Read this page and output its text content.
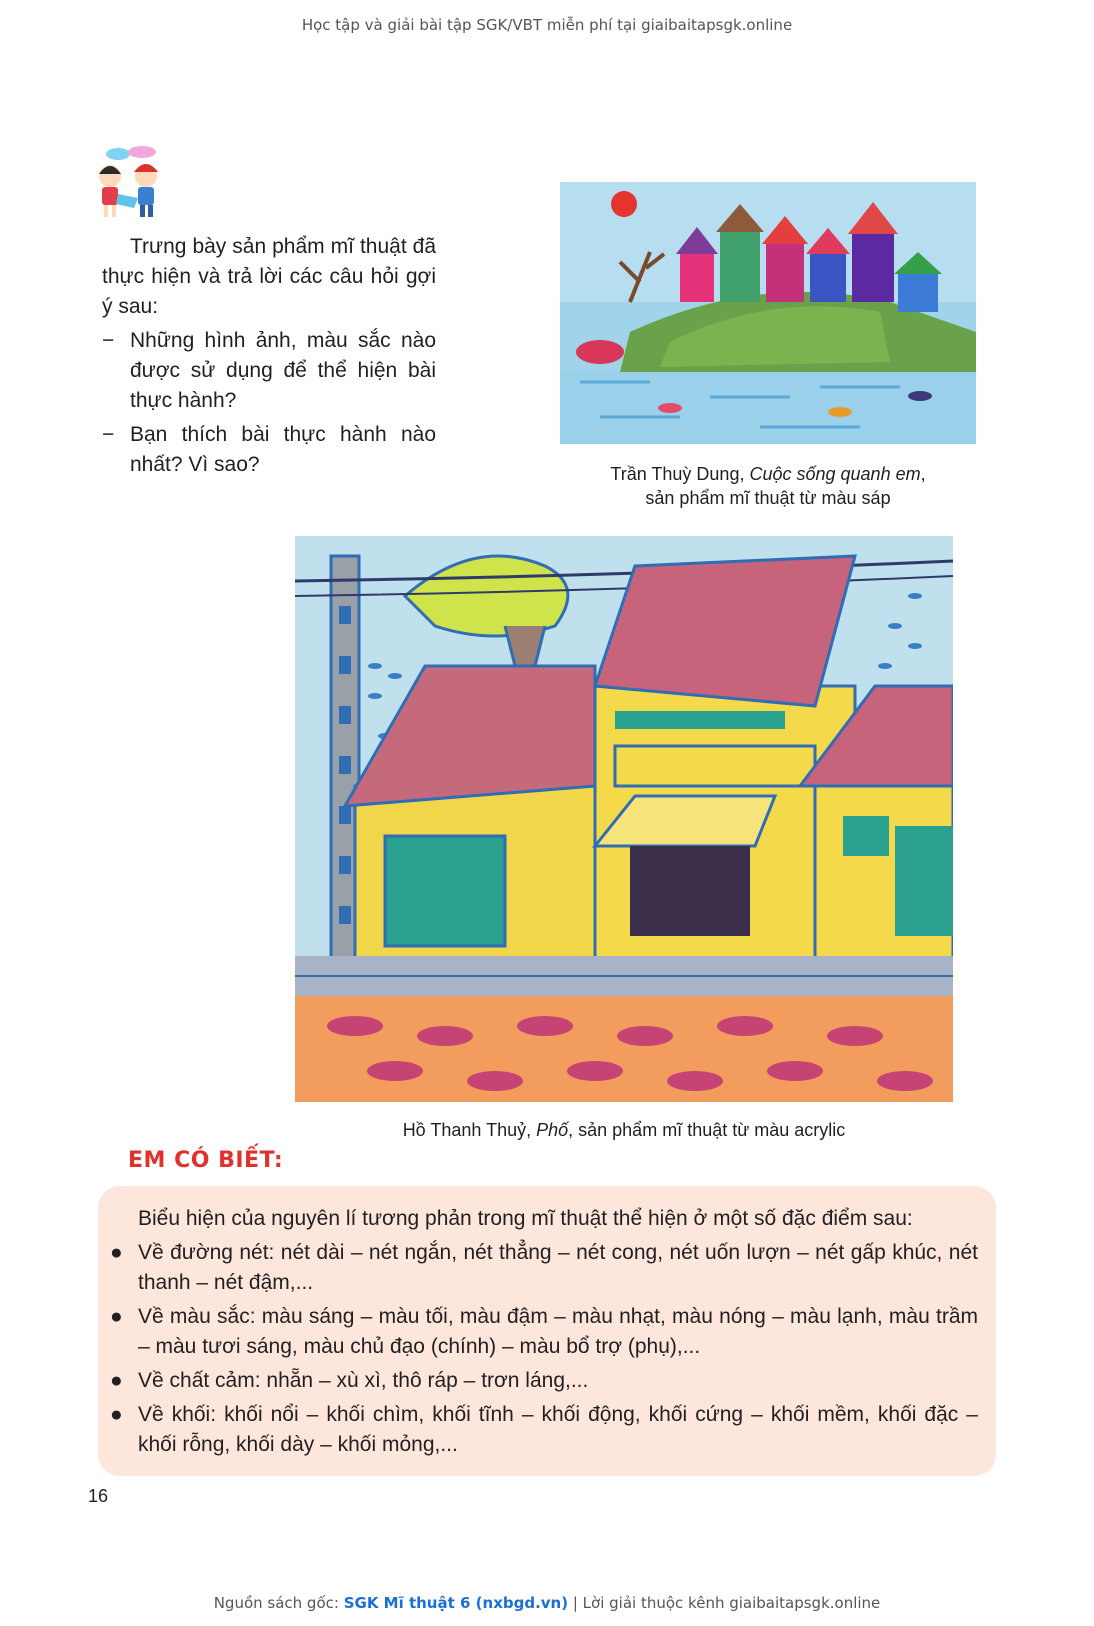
Học tập và giải bài tập SGK/VBT miễn phí tại giaibaitapsgk.online

Trưng bày sản phẩm mĩ thuật đã thực hiện và trả lời các câu hỏi gợi ý sau:

− Những hình ảnh, màu sắc nào được sử dụng để thể hiện bài thực hành?
− Bạn thích bài thực hành nào nhất? Vì sao?	Trần Thuỳ Dung, Cuộc sống quanh em,
sản phẩm mĩ thuật từ màu sáp
Hồ Thanh Thuỷ, Phố, sản phẩm mĩ thuật từ màu acrylic
EM CÓ BIẾT:
Biểu hiện của nguyên lí tương phản trong mĩ thuật thể hiện ở một số đặc điểm sau:
● Về đường nét: nét dài – nét ngắn, nét thẳng – nét cong, nét uốn lượn – nét gấp khúc, nét thanh – nét đậm,...
● Về màu sắc: màu sáng – màu tối, màu đậm – màu nhạt, màu nóng – màu lạnh, màu trầm – màu tươi sáng, màu chủ đạo (chính) – màu bổ trợ (phụ),...
● Về chất cảm: nhẵn – xù xì, thô ráp – trơn láng,...
● Về khối: khối nổi – khối chìm, khối tĩnh – khối động, khối cứng – khối mềm, khối đặc – khối rỗng, khối dày – khối mỏng,...
16
Nguồn sách gốc: SGK Mĩ thuật 6 (nxbgd.vn) | Lời giải thuộc kênh giaibaitapsgk.online
